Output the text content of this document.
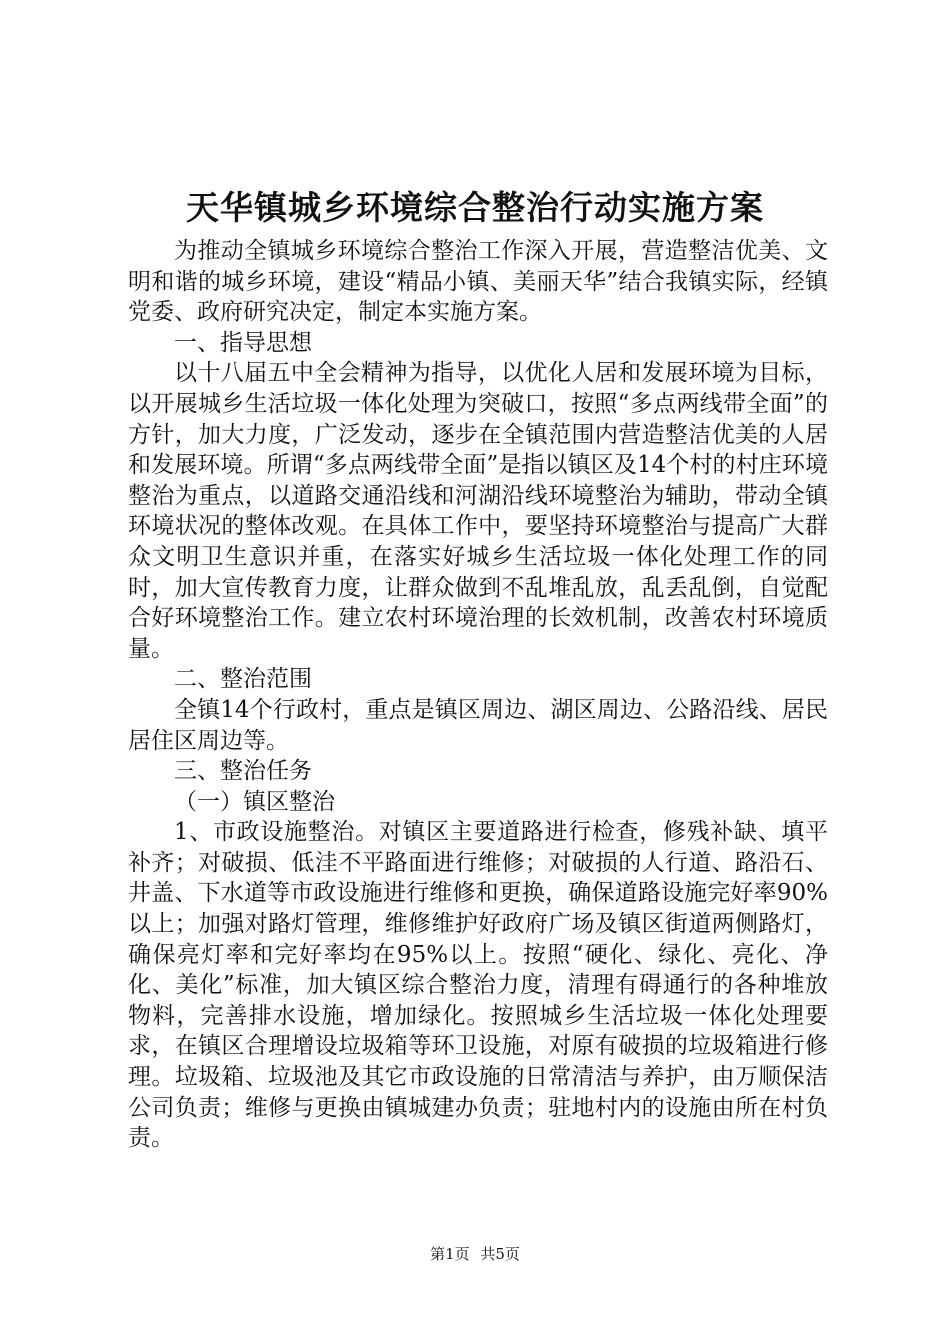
天华镇城乡环境综合整治行动实施方案

为推动全镇城乡环境综合整治工作深入开展，营造整洁优美、文明和谐的城乡环境，建设“精品小镇、美丽天华”结合我镇实际，经镇党委、政府研究决定，制定本实施方案。

一、指导思想

以十八届五中全会精神为指导，以优化人居和发展环境为目标，以开展城乡生活垃圾一体化处理为突破口，按照“多点两线带全面”的方针，加大力度，广泛发动，逐步在全镇范围内营造整洁优美的人居和发展环境。所谓“多点两线带全面”是指以镇区及14个村的村庄环境整治为重点，以道路交通沿线和河湖沿线环境整治为辅助，带动全镇环境状况的整体改观。在具体工作中，要坚持环境整治与提高广大群众文明卫生意识并重，在落实好城乡生活垃圾一体化处理工作的同时，加大宣传教育力度，让群众做到不乱堆乱放，乱丢乱倒，自觉配合好环境整治工作。建立农村环境治理的长效机制，改善农村环境质量。

二、整治范围

全镇14个行政村，重点是镇区周边、湖区周边、公路沿线、居民居住区周边等。

三、整治任务

（一）镇区整治

1、市政设施整治。对镇区主要道路进行检查，修残补缺、填平补齐；对破损、低洼不平路面进行维修；对破损的人行道、路沿石、井盖、下水道等市政设施进行维修和更换，确保道路设施完好率90%以上；加强对路灯管理，维修维护好政府广场及镇区街道两侧路灯，确保亮灯率和完好率均在95%以上。按照“硬化、绿化、亮化、净化、美化”标准，加大镇区综合整治力度，清理有碍通行的各种堆放物料，完善排水设施，增加绿化。按照城乡生活垃圾一体化处理要求，在镇区合理增设垃圾箱等环卫设施，对原有破损的垃圾箱进行修理。垃圾箱、垃圾池及其它市政设施的日常清洁与养护，由万顺保洁公司负责；维修与更换由镇城建办负责；驻地村内的设施由所在村负责。

第1页 共5页
